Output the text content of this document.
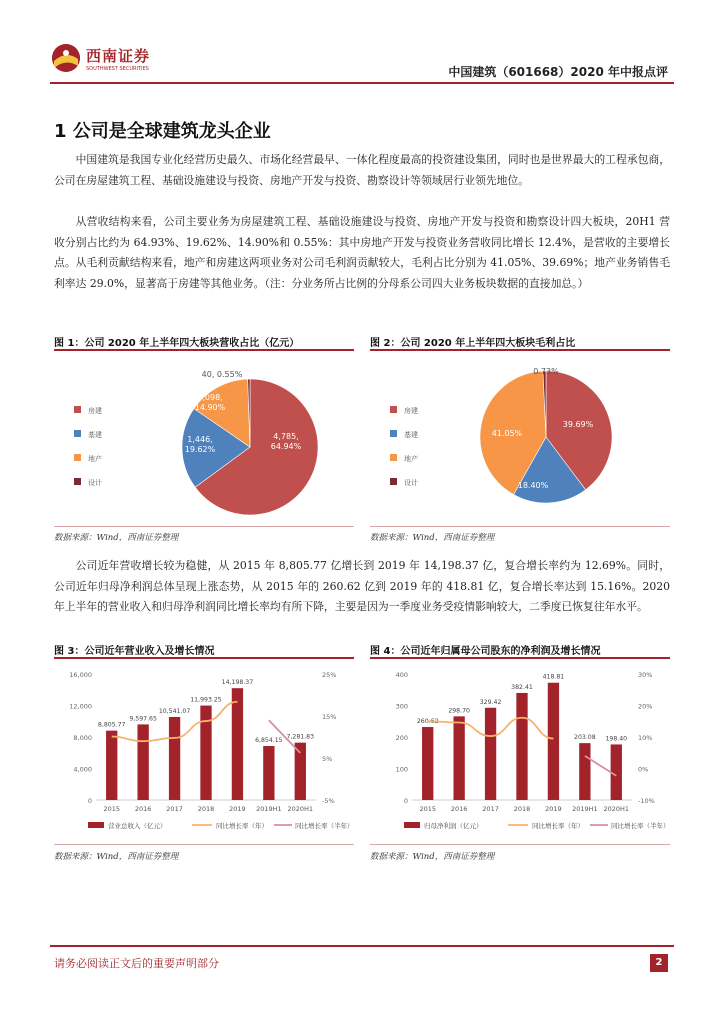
西南证券
SOUTHWEST SECURITIES	中国建筑（601668）2020 年中报点评
1 公司是全球建筑龙头企业
中国建筑是我国专业化经营历史最久、市场化经营最早、一体化程度最高的投资建设集团，同时也是世界最大的工程承包商，公司在房屋建筑工程、基础设施建设与投资、房地产开发与投资、勘察设计等领域居行业领先地位。
从营收结构来看，公司主要业务为房屋建筑工程、基础设施建设与投资、房地产开发与投资和勘察设计四大板块，20H1 营收分别占比约为 64.93%、19.62%、14.90%和 0.55%：其中房地产开发与投资业务营收同比增长 12.4%，是营收的主要增长点。从毛利贡献结构来看，地产和房建这两项业务对公司毛利润贡献较大，毛利占比分别为 41.05%、39.69%；地产业务销售毛利率达 29.0%，显著高于房建等其他业务。（注：分业务所占比例的分母系公司四大业务板块数据的直接加总。）
图 1：公司 2020 年上半年四大板块营收占比（亿元）
房建
基建
地产
设计
4,785, 64.94%
1,446, 19.62%
1,098, 14.90%
40, 0.55%
数据来源：Wind，西南证券整理
图 2：公司 2020 年上半年四大板块毛利占比
房建
基建
地产
设计
39.69%
18.40%
41.05%
0.73%
数据来源：Wind，西南证券整理
公司近年营收增长较为稳健，从 2015 年 8,805.77 亿增长到 2019 年 14,198.37 亿，复合增长率约为 12.69%。同时，公司近年归母净利润总体呈现上涨态势，从 2015 年的 260.62 亿到 2019 年的 418.81 亿，复合增长率达到 15.16%。2020 年上半年的营业收入和归母净利润同比增长率均有所下降，主要是因为一季度业务受疫情影响较大，二季度已恢复往年水平。
图 3：公司近年营业收入及增长情况
0
4,000
8,000
12,000
16,000
-5%
5%
15%
25%
8,805.77
2015
9,597.65
2016
10,541.07
2017
11,993.25
2018
14,198.37
2019
6,854.15
2019H1
7,281.83
2020H1
营业总收入（亿元）	同比增长率（年）	同比增长率（半年）
数据来源：Wind，西南证券整理
图 4：公司近年归属母公司股东的净利润及增长情况
0
100
200
300
400
-10%
0%
10%
20%
30%
260.62
2015
298.70
2016
329.42
2017
382.41
2018
418.81
2019
203.08
2019H1
198.40
2020H1
归母净利润（亿元）	同比增长率（年）	同比增长率（半年）
数据来源：Wind，西南证券整理
请务必阅读正文后的重要声明部分	2
